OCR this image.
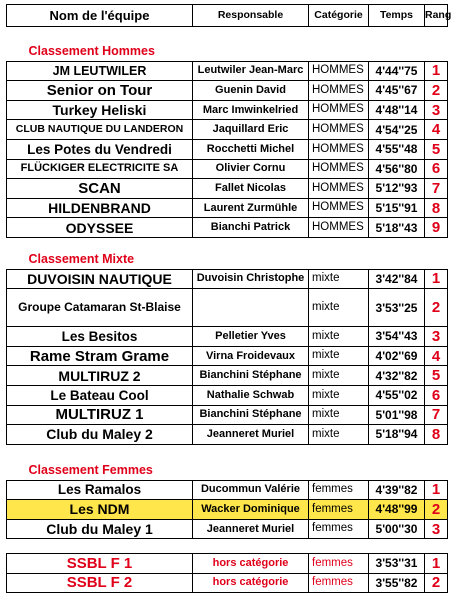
Nom de l'équipe	Responsable	Catégorie	Temps	Rang
Classement Hommes				
JM LEUTWILER	Leutwiler Jean-Marc	HOMMES	4'44''75	1
Senior on Tour	Guenin David	HOMMES	4'45''67	2
Turkey Heliski	Marc Imwinkelried	HOMMES	4'48''14	3
CLUB NAUTIQUE DU LANDERON	Jaquillard Eric	HOMMES	4'54''25	4
Les Potes du Vendredi	Rocchetti Michel	HOMMES	4'55''48	5
FLÜCKIGER ELECTRICITE SA	Olivier Cornu	HOMMES	4'56''80	6
SCAN	Fallet Nicolas	HOMMES	5'12''93	7
HILDENBRAND	Laurent Zurmühle	HOMMES	5'15''91	8
ODYSSEE	Bianchi Patrick	HOMMES	5'18''43	9
Classement Mixte				
DUVOISIN NAUTIQUE	Duvoisin Christophe	mixte	3'42''84	1
Groupe Catamaran St-Blaise		mixte	3'53''25	2
Les Besitos	Pelletier Yves	mixte	3'54''43	3
Rame Stram Grame	Virna Froidevaux	mixte	4'02''69	4
MULTIRUZ 2	Bianchini Stéphane	mixte	4'32''82	5
Le Bateau Cool	Nathalie Schwab	mixte	4'55''02	6
MULTIRUZ 1	Bianchini Stéphane	mixte	5'01''98	7
Club du Maley 2	Jeanneret Muriel	mixte	5'18''94	8
Classement Femmes				
Les Ramalos	Ducommun Valérie	femmes	4'39''82	1
Les NDM	Wacker Dominique	femmes	4'48''99	2
Club du Maley 1	Jeanneret Muriel	femmes	5'00''30	3
SSBL F 1	hors catégorie	femmes	3'53''31	1
SSBL F 2	hors catégorie	femmes	3'55''82	2
